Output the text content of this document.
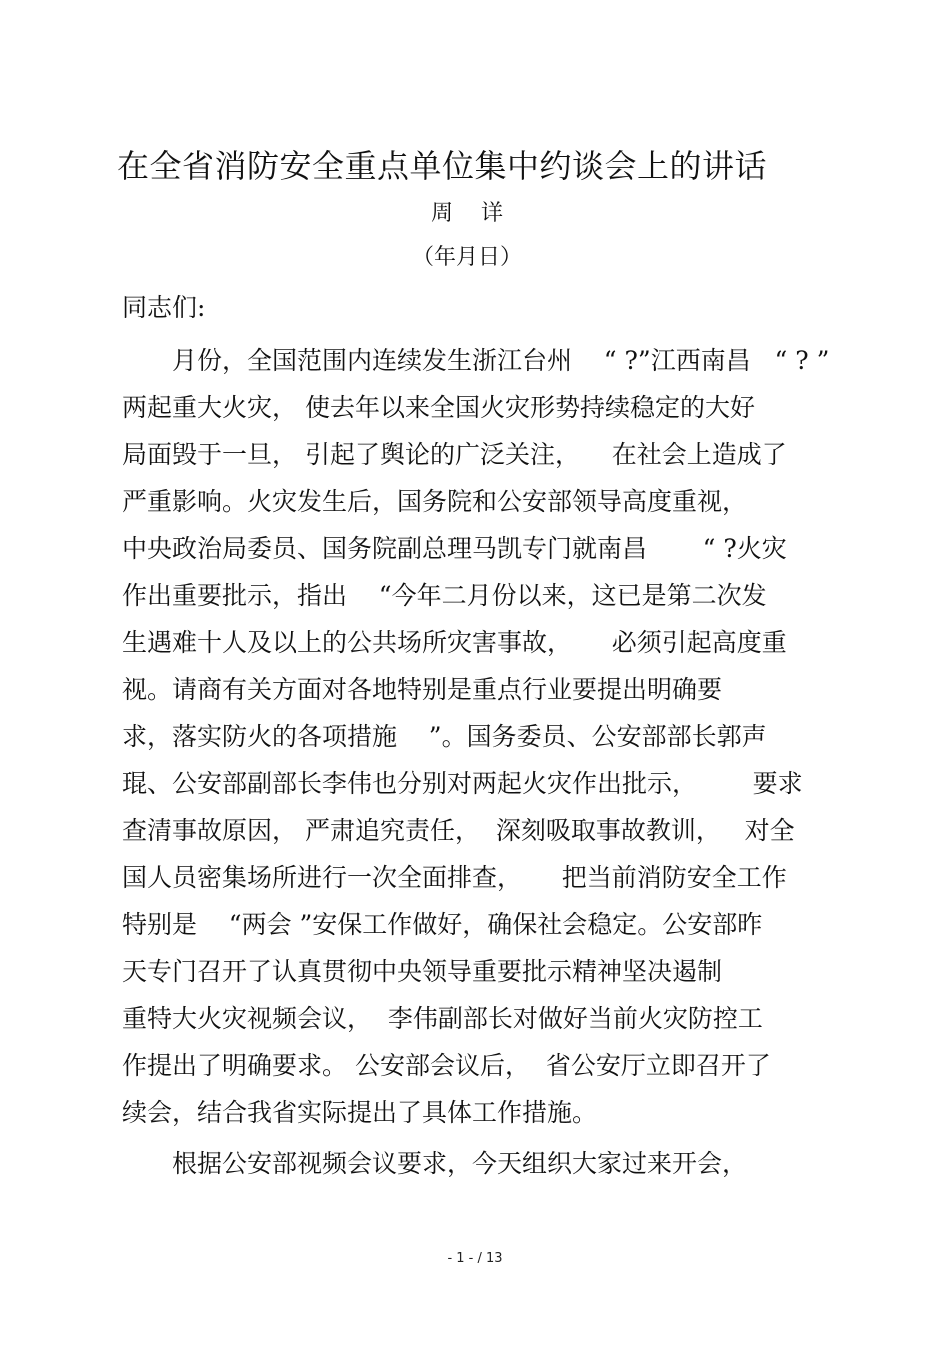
在全省消防安全重点单位集中约谈会上的讲话
周    详
（年月日）
同志们:
月份，全国范围内连续发生浙江台州    “ ?”江西南昌   “ ? ”
两起重大火灾， 使去年以来全国火灾形势持续稳定的大好
局面毁于一旦， 引起了舆论的广泛关注，    在社会上造成了
严重影响。火灾发生后，国务院和公安部领导高度重视，
中央政治局委员、国务院副总理马凯专门就南昌       “ ?火灾
作出重要批示，指出    “今年二月份以来，这已是第二次发
生遇难十人及以上的公共场所灾害事故，     必须引起高度重
视。请商有关方面对各地特别是重点行业要提出明确要
求，落实防火的各项措施    ”。国务委员、公安部部长郭声
琨、公安部副部长李伟也分别对两起火灾作出批示，       要求
查清事故原因， 严肃追究责任，  深刻吸取事故教训，   对全
国人员密集场所进行一次全面排查，     把当前消防安全工作
特别是    “两会 ”安保工作做好，确保社会稳定。公安部昨
天专门召开了认真贯彻中央领导重要批示精神坚决遏制
重特大火灾视频会议，  李伟副部长对做好当前火灾防控工
作提出了明确要求。 公安部会议后，  省公安厅立即召开了
续会，结合我省实际提出了具体工作措施。
根据公安部视频会议要求，今天组织大家过来开会，
- 1 - / 13
